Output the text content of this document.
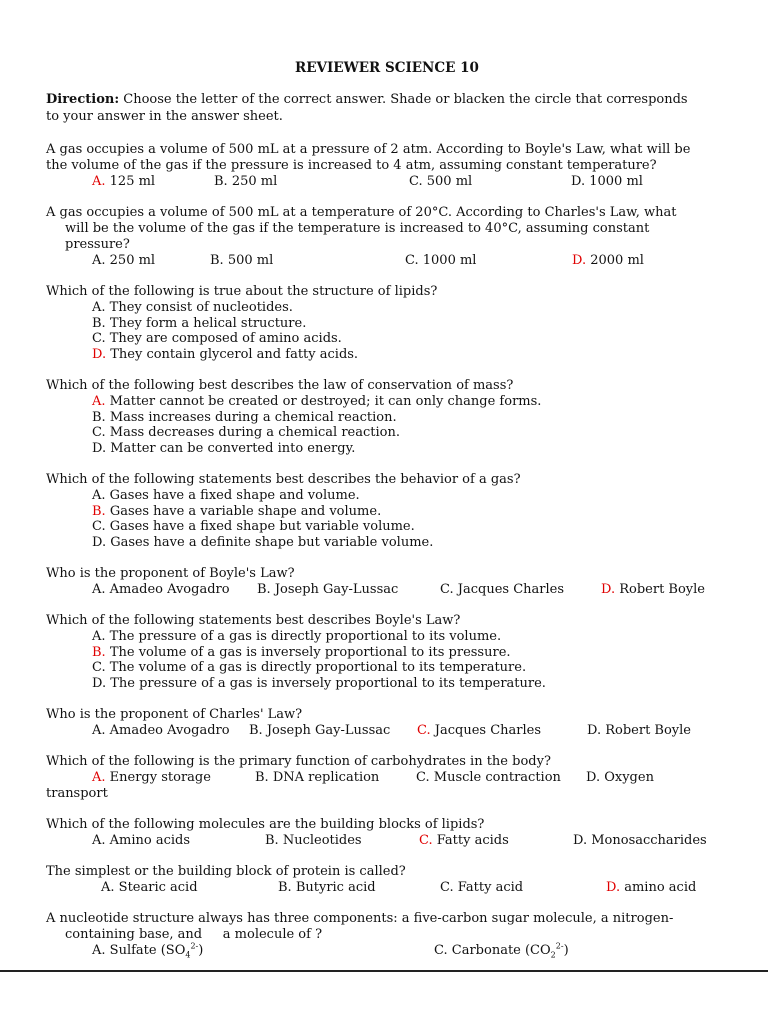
REVIEWER SCIENCE 10
Direction: Choose the letter of the correct answer. Shade or blacken the circle that corresponds
to your answer in the answer sheet.
A gas occupies a volume of 500 mL at a pressure of 2 atm. According to Boyle's Law, what will be
the volume of the gas if the pressure is increased to 4 atm, assuming constant temperature?
A. 125 ml	B. 250 ml	C. 500 ml	D. 1000 ml
A gas occupies a volume of 500 mL at a temperature of 20°C. According to Charles's Law, what
will be the volume of the gas if the temperature is increased to 40°C, assuming constant
pressure?
A. 250 ml	B. 500 ml	C. 1000 ml	D. 2000 ml
Which of the following is true about the structure of lipids?
A. They consist of nucleotides.
B. They form a helical structure.
C. They are composed of amino acids.
D. They contain glycerol and fatty acids.
Which of the following best describes the law of conservation of mass?
A. Matter cannot be created or destroyed; it can only change forms.
B. Mass increases during a chemical reaction.
C. Mass decreases during a chemical reaction.
D. Matter can be converted into energy.
Which of the following statements best describes the behavior of a gas?
A. Gases have a fixed shape and volume.
B. Gases have a variable shape and volume.
C. Gases have a fixed shape but variable volume.
D. Gases have a definite shape but variable volume.
Who is the proponent of Boyle's Law?
A. Amadeo Avogadro B. Joseph Gay-Lussac	C. Jacques Charles	D. Robert Boyle
Which of the following statements best describes Boyle's Law?
A. The pressure of a gas is directly proportional to its volume.
B. The volume of a gas is inversely proportional to its pressure.
C. The volume of a gas is directly proportional to its temperature.
D. The pressure of a gas is inversely proportional to its temperature.
Who is the proponent of Charles' Law?
A. Amadeo Avogadro B. Joseph Gay-Lussac C. Jacques Charles	D. Robert Boyle
Which of the following is the primary function of carbohydrates in the body?
A. Energy storage	B. DNA replication	C. Muscle contraction D. Oxygen
transport
Which of the following molecules are the building blocks of lipids?
A. Amino acids	B. Nucleotides	C. Fatty acids	D. Monosaccharides
The simplest or the building block of protein is called?
A. Stearic acid	B. Butyric acid	C. Fatty acid	D. amino acid
A nucleotide structure always has three components: a five-carbon sugar molecule, a nitrogen-
containing base, and     a molecule of ?
A. Sulfate $(SO_4^{2-})$	C. Carbonate $(CO_2^{2-})$
